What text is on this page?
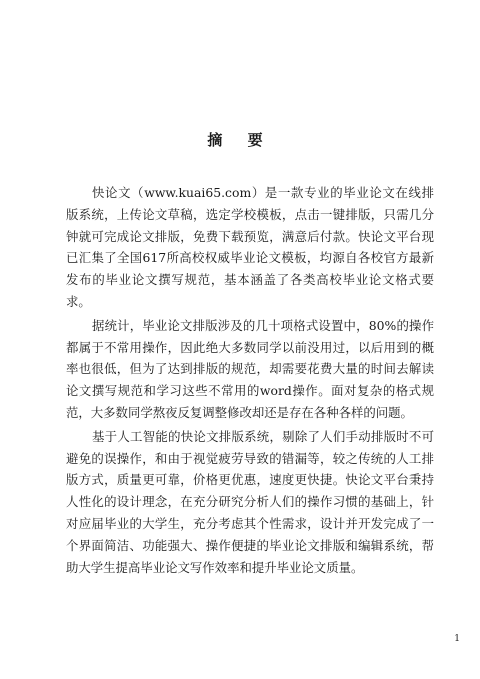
摘 要

快论文（www.kuai65.com）是一款专业的毕业论文在线排版系统，上传论文草稿，选定学校模板，点击一键排版，只需几分钟就可完成论文排版，免费下载预览，满意后付款。快论文平台现已汇集了全国617所高校权威毕业论文模板，均源自各校官方最新发布的毕业论文撰写规范，基本涵盖了各类高校毕业论文格式要求。

据统计，毕业论文排版涉及的几十项格式设置中，80%的操作都属于不常用操作，因此绝大多数同学以前没用过，以后用到的概率也很低，但为了达到排版的规范，却需要花费大量的时间去解读论文撰写规范和学习这些不常用的word操作。面对复杂的格式规范，大多数同学熬夜反复调整修改却还是存在各种各样的问题。

基于人工智能的快论文排版系统，剔除了人们手动排版时不可避免的误操作，和由于视觉疲劳导致的错漏等，较之传统的人工排版方式，质量更可靠，价格更优惠，速度更快捷。快论文平台秉持人性化的设计理念，在充分研究分析人们的操作习惯的基础上，针对应届毕业的大学生，充分考虑其个性需求，设计并开发完成了一个界面简洁、功能强大、操作便捷的毕业论文排版和编辑系统，帮助大学生提高毕业论文写作效率和提升毕业论文质量。

1
